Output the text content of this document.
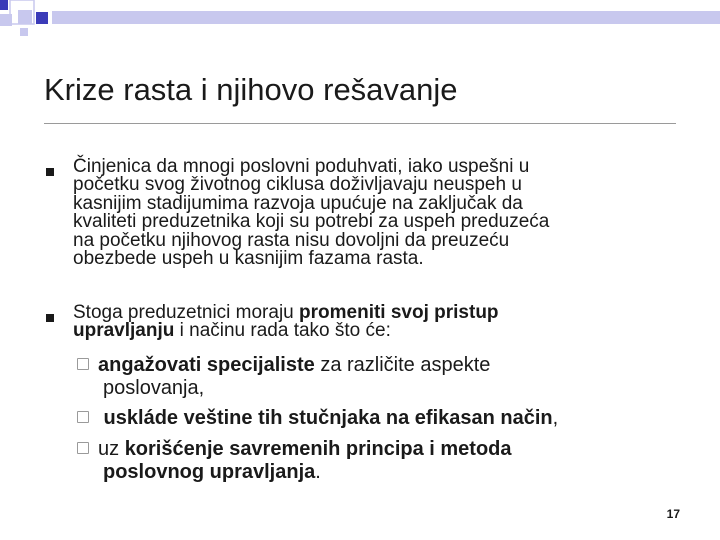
Krize rasta i njihovo rešavanje
Činjenica da mnogi poslovni poduhvati, iako uspešni u
početku svog životnog ciklusa doživljavaju neuspeh u
kasnijim stadijumima razvoja upućuje na zaključak da
kvaliteti preduzetnika koji su potrebi za uspeh preduzeća
na početku njihovog rasta nisu dovoljni da preuzeću
obezbede uspeh u kasnijim fazama rasta.
Stoga preduzetnici moraju promeniti svoj pristup
upravljanju i načinu rada tako što će:
angažovati specijaliste za različite aspekte
poslovanja,
uskláde veštine tih stučnjaka na efikasan način,
uz korišćenje savremenih principa i metoda
poslovnog upravljanja.
17
